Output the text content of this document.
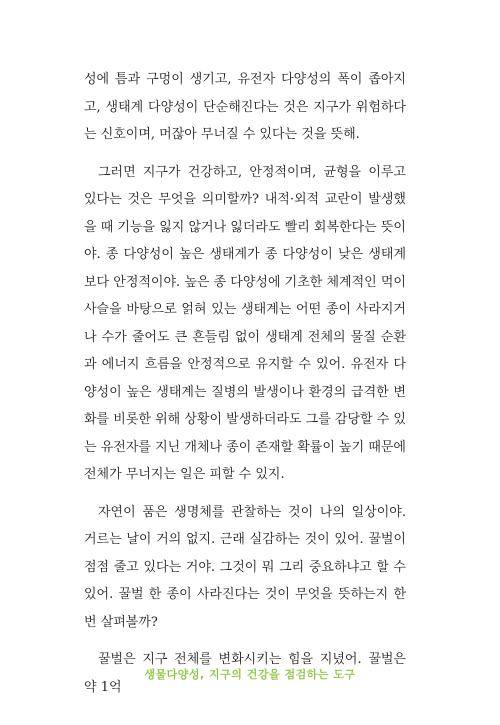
성에 틈과 구멍이 생기고, 유전자 다양성의 폭이 좁아지고, 생태계 다양성이 단순해진다는 것은 지구가 위험하다는 신호이며, 머잖아 무너질 수 있다는 것을 뜻해.

그러면 지구가 건강하고, 안정적이며, 균형을 이루고 있다는 것은 무엇을 의미할까? 내적·외적 교란이 발생했을 때 기능을 잃지 않거나 잃더라도 빨리 회복한다는 뜻이야. 종 다양성이 높은 생태계가 종 다양성이 낮은 생태계보다 안정적이야. 높은 종 다양성에 기초한 체계적인 먹이사슬을 바탕으로 얽혀 있는 생태계는 어떤 종이 사라지거나 수가 줄어도 큰 흔들림 없이 생태계 전체의 물질 순환과 에너지 흐름을 안정적으로 유지할 수 있어. 유전자 다양성이 높은 생태계는 질병의 발생이나 환경의 급격한 변화를 비롯한 위해 상황이 발생하더라도 그를 감당할 수 있는 유전자를 지닌 개체나 종이 존재할 확률이 높기 때문에 전체가 무너지는 일은 피할 수 있지.

자연이 품은 생명체를 관찰하는 것이 나의 일상이야. 거르는 날이 거의 없지. 근래 실감하는 것이 있어. 꿀벌이 점점 줄고 있다는 거야. 그것이 뭐 그리 중요하냐고 할 수 있어. 꿀벌 한 종이 사라진다는 것이 무엇을 뜻하는지 한 번 살펴볼까?

꿀벌은 지구 전체를 변화시키는 힘을 지녔어. 꿀벌은 약 1억

생물다양성, 지구의 건강을 점검하는 도구
